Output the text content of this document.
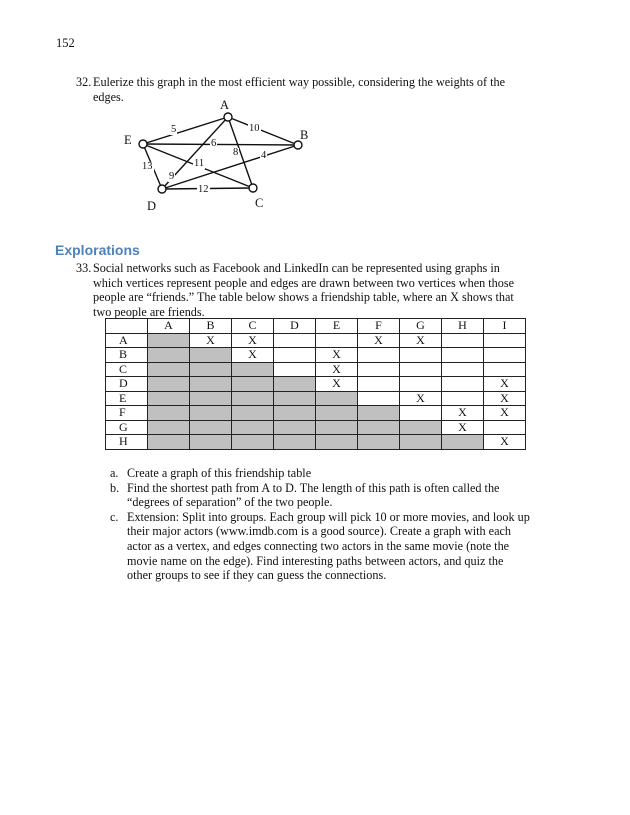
152
32. Eulerize this graph in the most efficient way possible, considering the weights of the edges.
A
B
C
D
E
5	10
6
8 4
13	11
9
12
Explorations
33. Social networks such as Facebook and LinkedIn can be represented using graphs in which vertices represent people and edges are drawn between two vertices when those people are “friends.” The table below shows a friendship table, where an X shows that two people are friends.
	A	B	C	D	E	F	G	H	I
A		X	X			X	X		
B			X		X				
C					X				
D					X				X
E							X		X
F								X	X
G								X	
H									X
a. Create a graph of this friendship table
b. Find the shortest path from A to D. The length of this path is often called the “degrees of separation” of the two people.
c. Extension: Split into groups. Each group will pick 10 or more movies, and look up their major actors (www.imdb.com is a good source). Create a graph with each actor as a vertex, and edges connecting two actors in the same movie (note the movie name on the edge). Find interesting paths between actors, and quiz the other groups to see if they can guess the connections.
